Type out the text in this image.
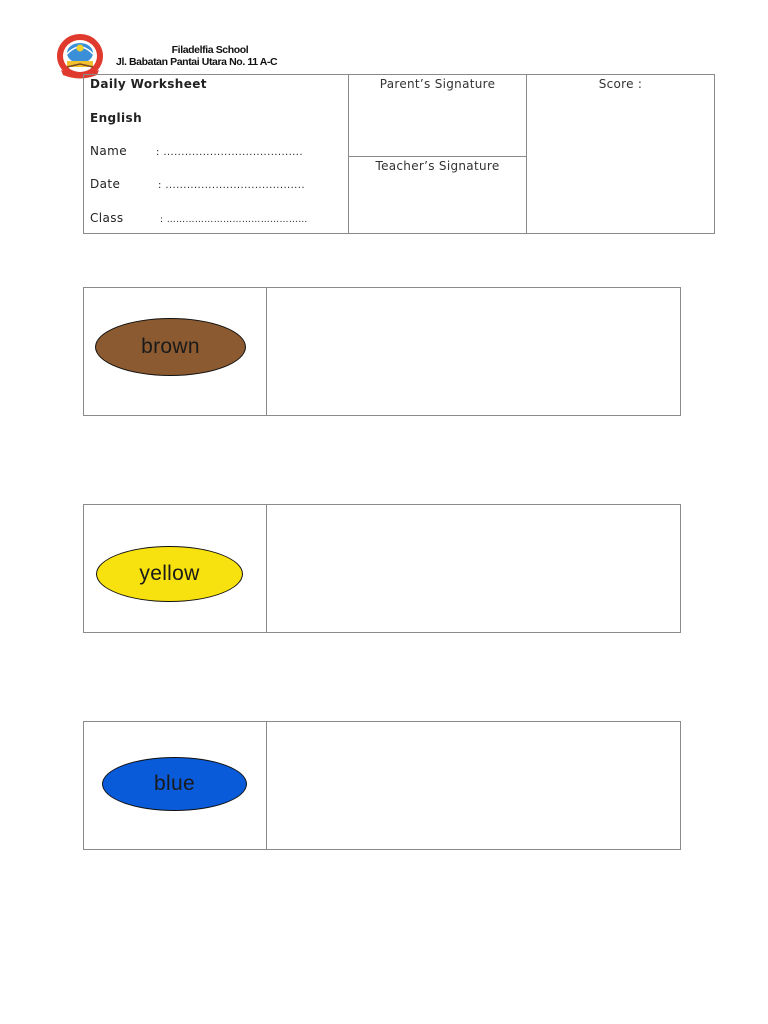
Filadelfia School
Jl. Babatan Pantai Utara No. 11 A-C
Daily Worksheet
English
Name	: .......................................
Date	: .......................................
Class	: ………………………………………
Parent’s Signature
Teacher’s Signature
Score :
brown
yellow
blue
